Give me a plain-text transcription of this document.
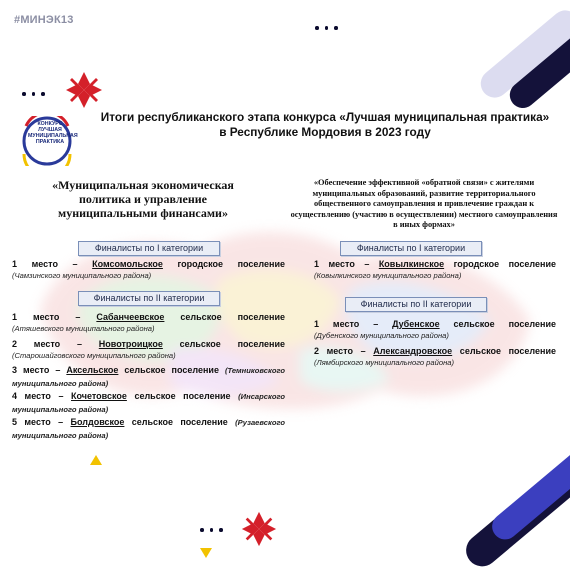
#МИНЭК13
КОНКУРС ЛУЧШАЯ МУНИЦИПАЛЬНАЯ ПРАКТИКА
Итоги республиканского этапа конкурса «Лучшая муниципальная практика» в Республике Мордовия в 2023 году
«Муниципальная экономическая политика и управление муниципальными финансами»
Финалисты по I категории
1 место – Комсомольское городское поселение
(Чамзинского муниципального района)
Финалисты по II категории
1 место – Сабанчеевское сельское поселение
(Атяшевского муниципального района)
2 место – Новотроицкое сельское поселение
(Старошайговского муниципального района)
3 место – Аксельское сельское поселение (Темниковского муниципального района)
4 место – Кочетовское сельское поселение (Инсарского муниципального района)
5 место – Болдовское сельское поселение (Рузаевского муниципального района)
«Обеспечение эффективной «обратной связи» с жителями муниципальных образований, развитие территориального общественного самоуправления и привлечение граждан к осуществлению (участию в осуществлении) местного самоуправления в иных формах»
Финалисты по I категории
1 место – Ковылкинское городское поселение
(Ковылкинского муниципального района)
Финалисты по II категории
1 место – Дубенское сельское поселение
(Дубенского муниципального района)
2 место – Александровское сельское поселение
(Лямбирского муниципального района)
